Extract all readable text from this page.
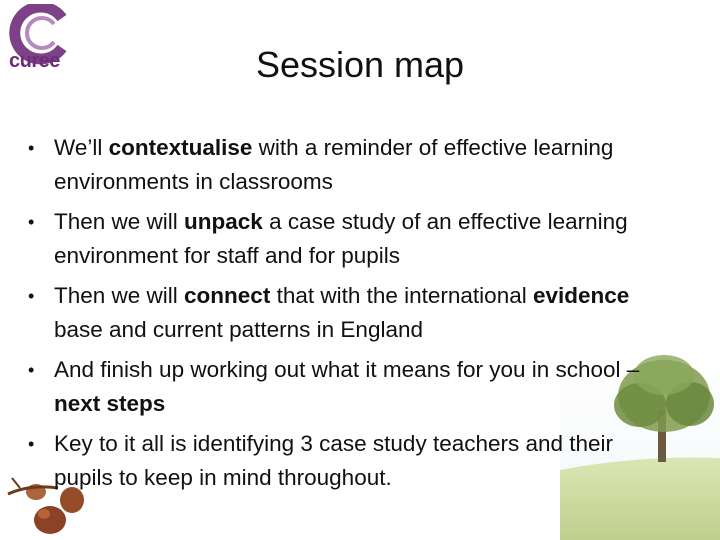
curee	Session map
• We’ll contextualise with a reminder of effective learning environments in classrooms
• Then we will unpack a case study of an effective learning environment for staff and for pupils
• Then we will connect that with the international evidence base and current patterns in England
• And finish up working out what it means for you in school – next steps
• Key to it all is identifying 3 case study teachers and their pupils to keep in mind throughout.
